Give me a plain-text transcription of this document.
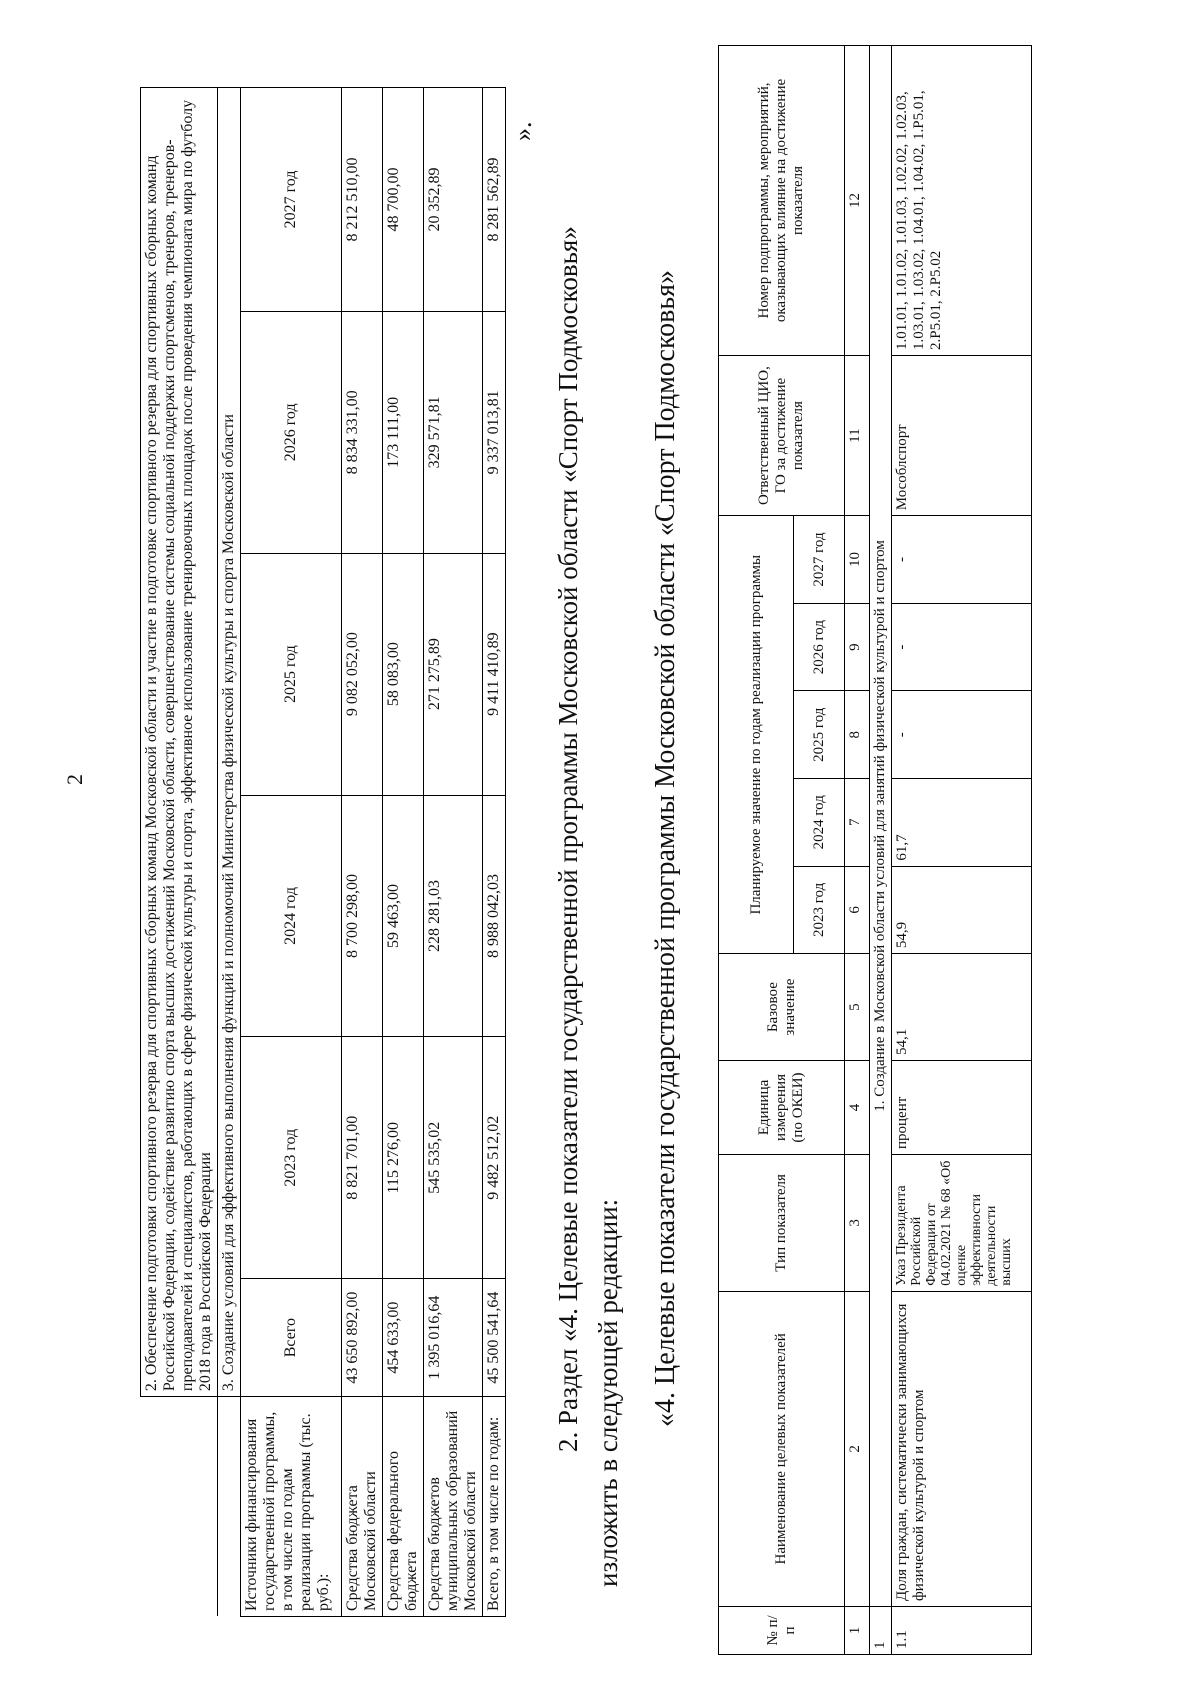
2
		2. Обеспечение подготовки спортивного резерва для спортивных сборных команд Московской области и участие в подготовке спортивного резерва для спортивных сборных команд Российской Федерации, содействие развитию спорта высших достижений Московской области, совершенствование системы социальной поддержки спортсменов, тренеров, тренеров-преподавателей и специалистов, работающих в сфере физической культуры и спорта, эффективное использование тренировочных площадок после проведения чемпионата мира по футболу 2018 года в Российской Федерации					
	3. Создание условий для эффективного выполнения функций и полномочий Министерства физической культуры и спорта Московской области					
Источники финансирования государственной программы, в том числе по годам реализации программы (тыс. руб.):	Всего	2023 год	2024 год	2025 год	2026 год	2027 год
Средства бюджета Московской области	43 650 892,00	8 821 701,00	8 700 298,00	9 082 052,00	8 834 331,00	8 212 510,00
Средства федерального бюджета	454 633,00	115 276,00	59 463,00	58 083,00	173 111,00	48 700,00
Средства бюджетов муниципальных образований Московской области	1 395 016,64	545 535,02	228 281,03	271 275,89	329 571,81	20 352,89
Всего, в том числе по годам:	45 500 541,64	9 482 512,02	8 988 042,03	9 411 410,89	9 337 013,81	8 281 562,89
».
2. Раздел «4. Целевые показатели государственной программы Московской области «Спорт Подмосковья» изложить в следующей редакции: «4. Целевые показатели государственной программы Московской области «Спорт Подмосковья»
№ п/п	Наименование целевых показателей	Тип показателя	Единица измерения (по ОКЕИ)	Базовое значение	Планируемое значение по годам реализации программы					Ответственный ЦИО, ГО за достижение показателя	Номер подпрограммы, мероприятий, оказывающих влияние на достижение показателя
					2023 год	2024 год	2025 год	2026 год	2027 год		
1	2	3	4	5	6	7	8	9	10	11	12
1	1. Создание в Московской области условий для занятий физической культурой и спортом										
1.1	Доля граждан, систематически занимающихся физической культурой и спортом	Указ Президента Российской Федерации от 04.02.2021 № 68 «Об оценке эффективности деятельности высших	процент	54,1	54,9	61,7	-	-	-	Мособлспорт	1.01.01, 1.01.02, 1.01.03, 1.02.02, 1.02.03, 1.03.01, 1.03.02, 1.04.01, 1.04.02, 1.P5.01, 2.P5.01, 2.P5.02
